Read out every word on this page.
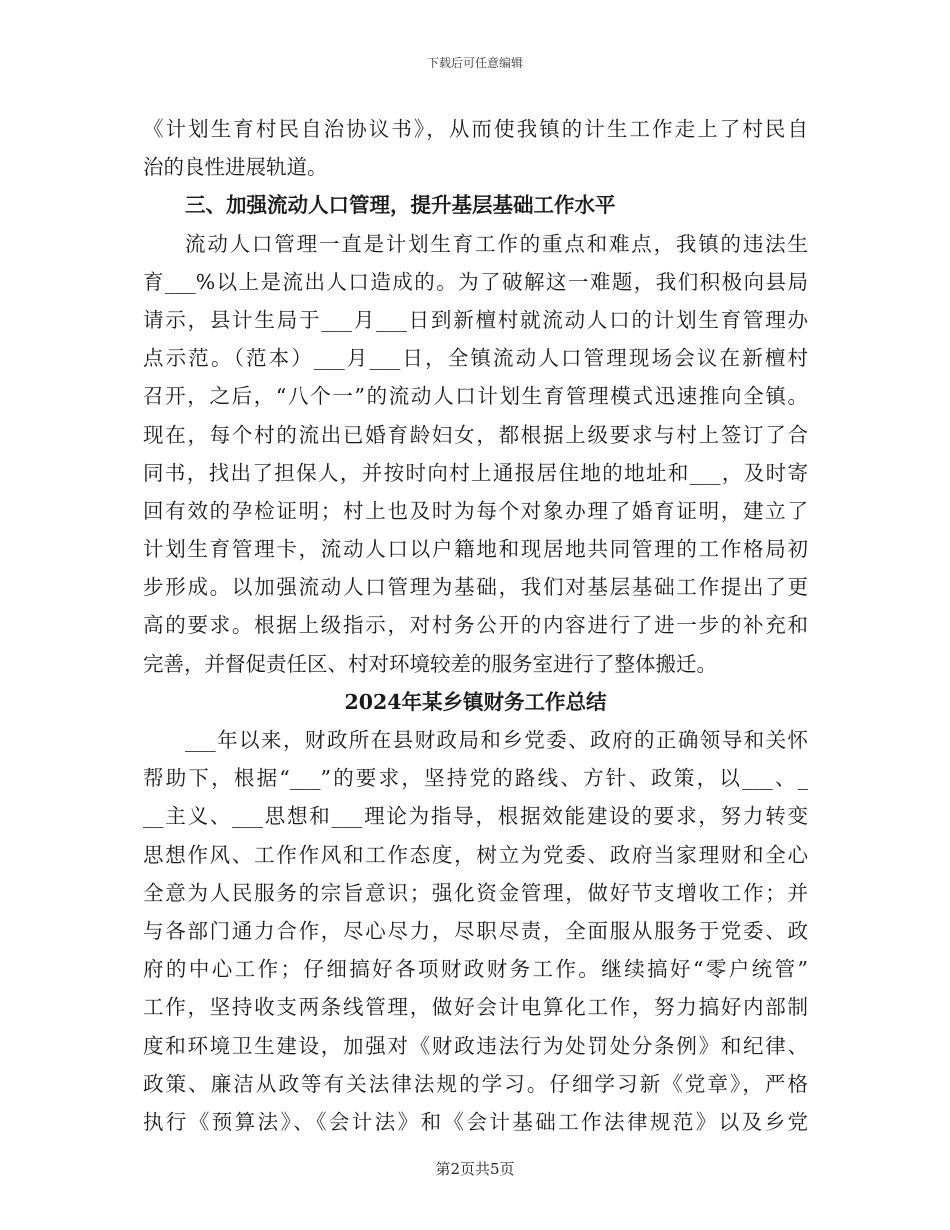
下载后可任意编辑
《计划生育村民自治协议书》，从而使我镇的计生工作走上了村民自
治的良性进展轨道。
三、加强流动人口管理，提升基层基础工作水平
流动人口管理一直是计划生育工作的重点和难点，我镇的违法生
育___%以上是流出人口造成的。为了破解这一难题，我们积极向县局
请示，县计生局于___月___日到新檀村就流动人口的计划生育管理办
点示范。（范本）___月___日，全镇流动人口管理现场会议在新檀村
召开，之后，“八个一”的流动人口计划生育管理模式迅速推向全镇。
现在，每个村的流出已婚育龄妇女，都根据上级要求与村上签订了合
同书，找出了担保人，并按时向村上通报居住地的地址和___，及时寄
回有效的孕检证明；村上也及时为每个对象办理了婚育证明，建立了
计划生育管理卡，流动人口以户籍地和现居地共同管理的工作格局初
步形成。以加强流动人口管理为基础，我们对基层基础工作提出了更
高的要求。根据上级指示，对村务公开的内容进行了进一步的补充和
完善，并督促责任区、村对环境较差的服务室进行了整体搬迁。
2024年某乡镇财务工作总结
___年以来，财政所在县财政局和乡党委、政府的正确领导和关怀
帮助下，根据“___”的要求，坚持党的路线、方针、政策，以___、_
__主义、___思想和___理论为指导，根据效能建设的要求，努力转变
思想作风、工作作风和工作态度，树立为党委、政府当家理财和全心
全意为人民服务的宗旨意识；强化资金管理，做好节支增收工作；并
与各部门通力合作，尽心尽力，尽职尽责，全面服从服务于党委、政
府的中心工作；仔细搞好各项财政财务工作。继续搞好“零户统管”
工作，坚持收支两条线管理，做好会计电算化工作，努力搞好内部制
度和环境卫生建设，加强对《财政违法行为处罚处分条例》和纪律、
政策、廉洁从政等有关法律法规的学习。仔细学习新《党章》，严格
执行《预算法》、《会计法》和《会计基础工作法律规范》以及乡党
第2页共5页
